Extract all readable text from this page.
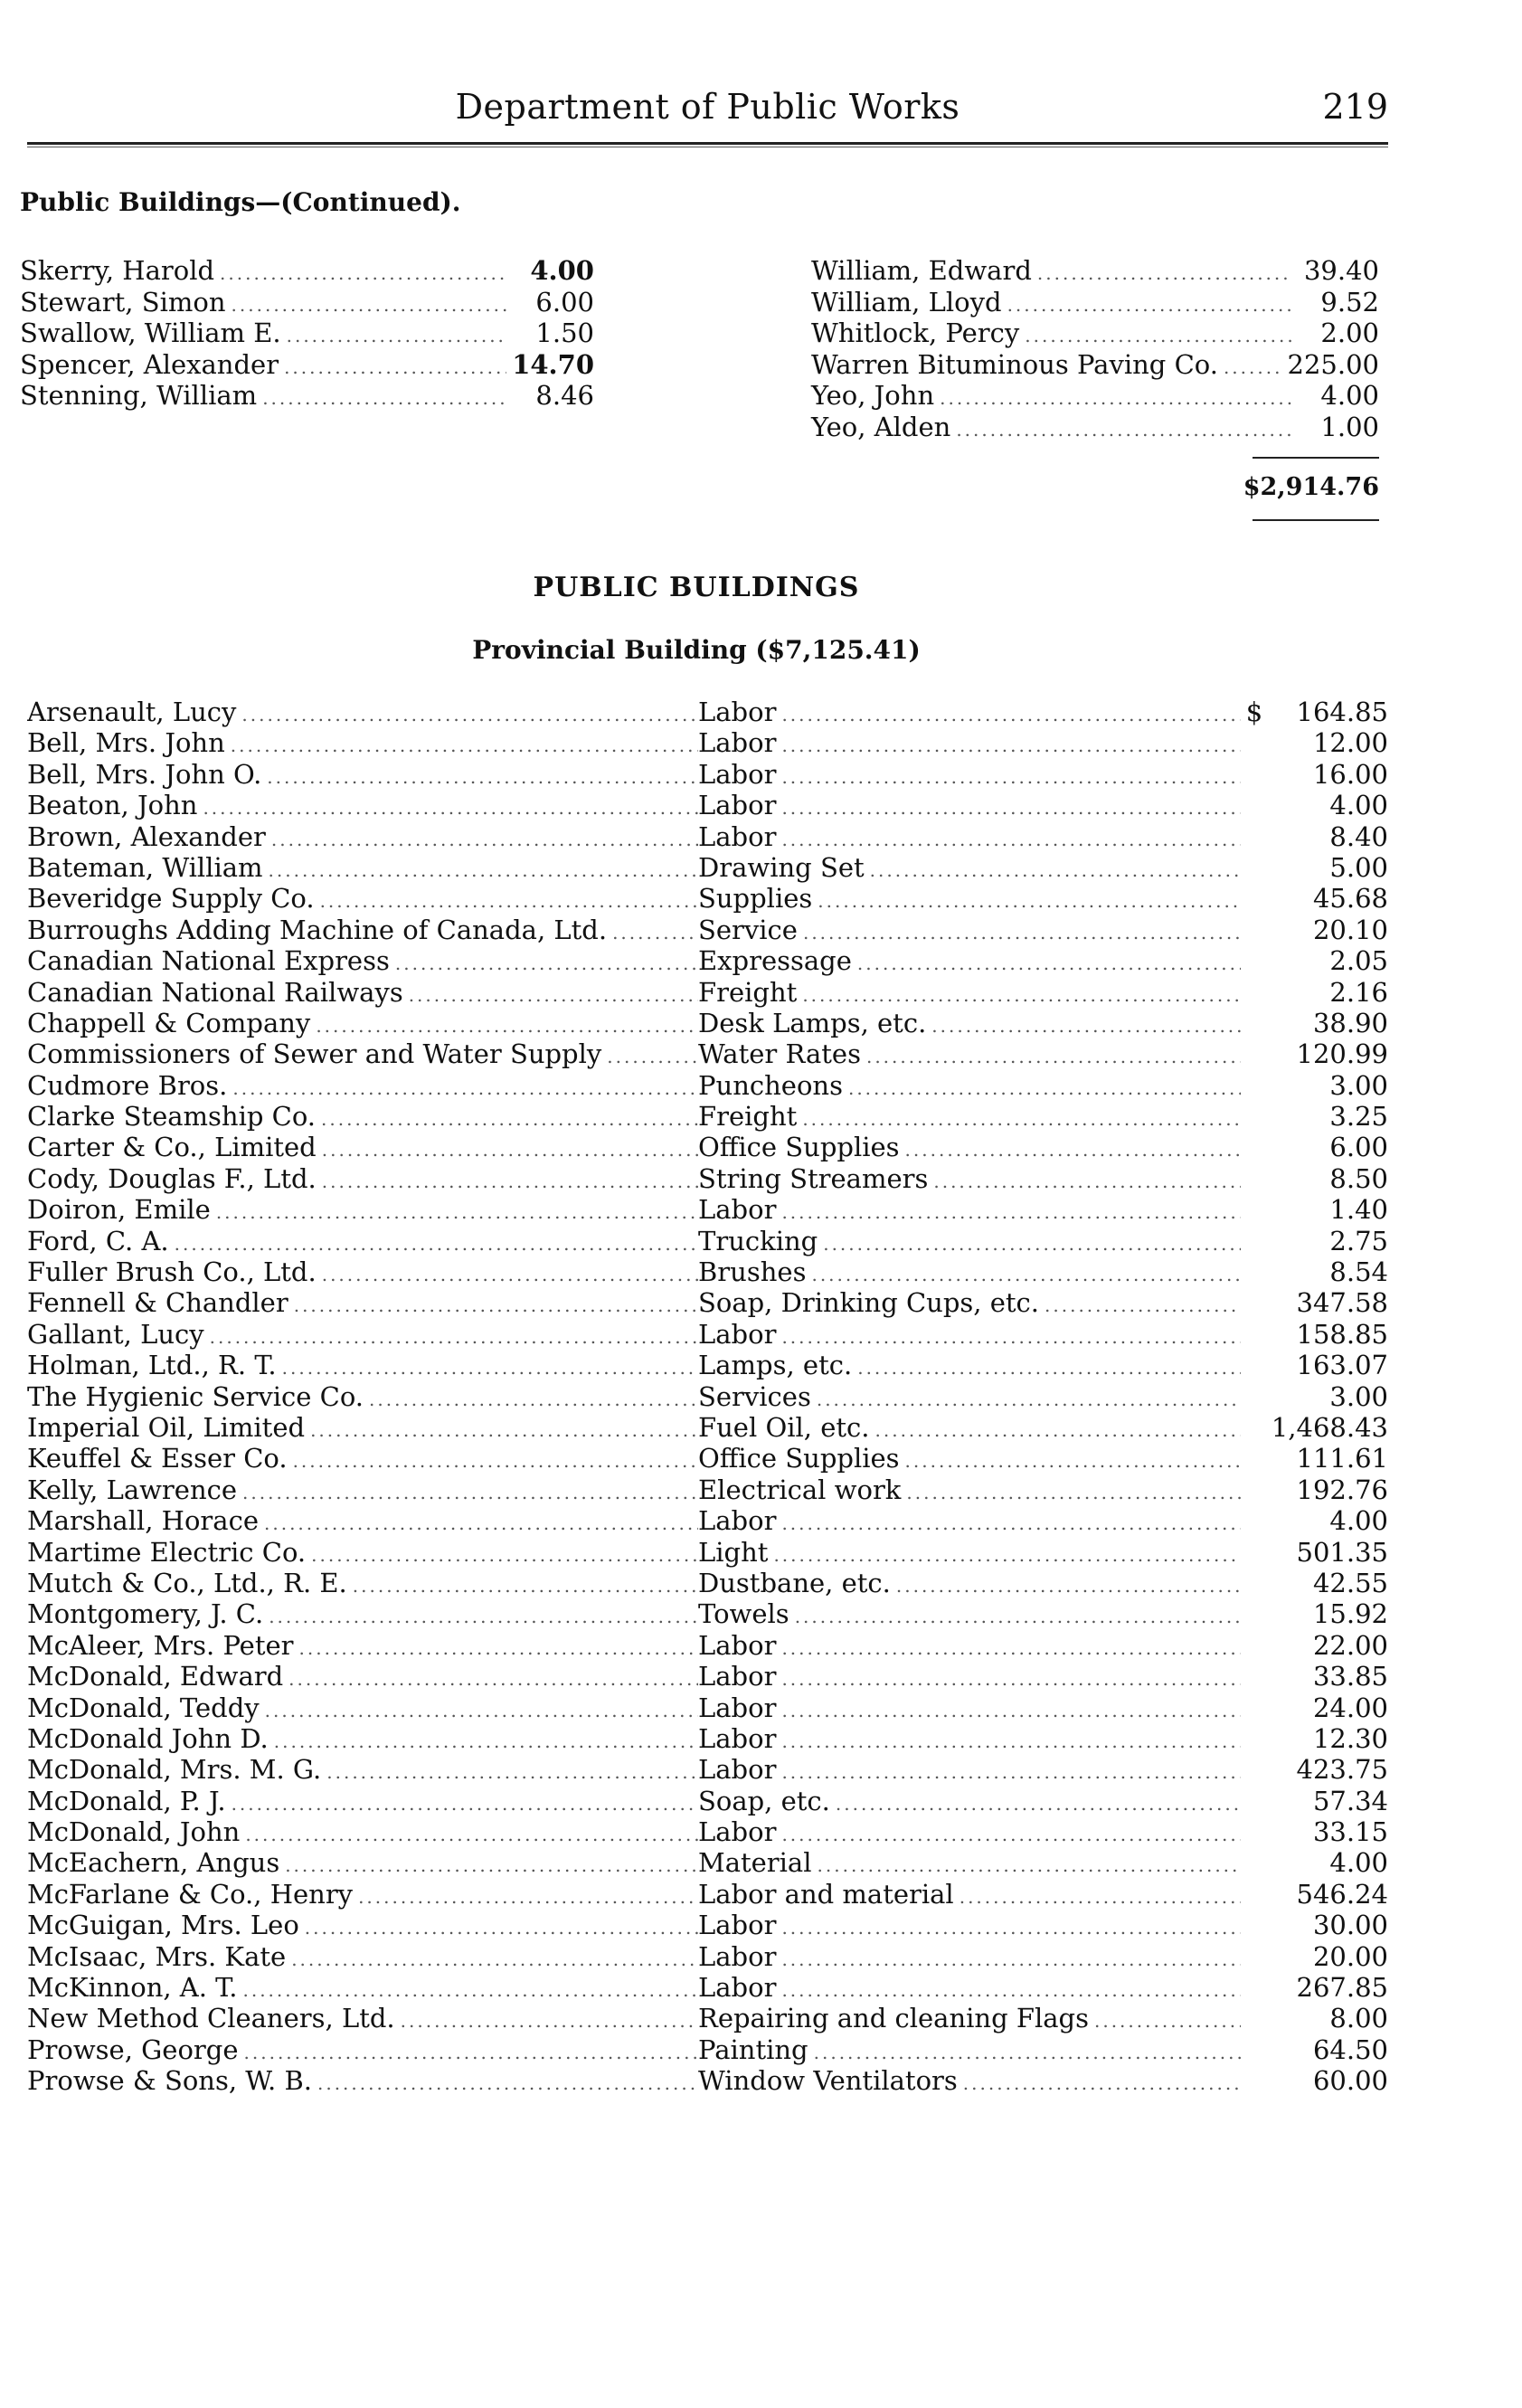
Department of Public Works	219
Public Buildings—(Continued).
Skerry, Harold .....	4.00
Stewart, Simon .....	6.00
Swallow, William E. .....	1.50
Spencer, Alexander .....	14.70
Stenning, William .....	8.46
William, Edward .....	39.40
William, Lloyd .....	9.52
Whitlock, Percy .....	2.00
Warren Bituminous Paving Co. .....	225.00
Yeo, John .....	4.00
Yeo, Alden .....	1.00
$2,914.76
PUBLIC BUILDINGS
Provincial Building ($7,125.41)
Arsenault, Lucy .....	Labor .....	$	164.85
Bell, Mrs. John .....	Labor .....	12.00
Bell, Mrs. John O. .....	Labor .....	16.00
Beaton, John .....	Labor .....	4.00
Brown, Alexander .....	Labor .....	8.40
Bateman, William .....	Drawing Set .....	5.00
Beveridge Supply Co. .....	Supplies .....	45.68
Burroughs Adding Machine of Canada, Ltd. .....	Service .....	20.10
Canadian National Express .....	Expressage .....	2.05
Canadian National Railways .....	Freight .....	2.16
Chappell & Company .....	Desk Lamps, etc. .....	38.90
Commissioners of Sewer and Water Supply .....	Water Rates .....	120.99
Cudmore Bros. .....	Puncheons .....	3.00
Clarke Steamship Co. .....	Freight .....	3.25
Carter & Co., Limited .....	Office Supplies .....	6.00
Cody, Douglas F., Ltd. .....	String Streamers .....	8.50
Doiron, Emile .....	Labor .....	1.40
Ford, C. A. .....	Trucking .....	2.75
Fuller Brush Co., Ltd. .....	Brushes .....	8.54
Fennell & Chandler .....	Soap, Drinking Cups, etc. .....	347.58
Gallant, Lucy .....	Labor .....	158.85
Holman, Ltd., R. T. .....	Lamps, etc. .....	163.07
The Hygienic Service Co. .....	Services .....	3.00
Imperial Oil, Limited .....	Fuel Oil, etc. .....	1,468.43
Keuffel & Esser Co. .....	Office Supplies .....	111.61
Kelly, Lawrence .....	Electrical work .....	192.76
Marshall, Horace .....	Labor .....	4.00
Martime Electric Co. .....	Light .....	501.35
Mutch & Co., Ltd., R. E. .....	Dustbane, etc. .....	42.55
Montgomery, J. C. .....	Towels .....	15.92
McAleer, Mrs. Peter .....	Labor .....	22.00
McDonald, Edward .....	Labor .....	33.85
McDonald, Teddy .....	Labor .....	24.00
McDonald John D. .....	Labor .....	12.30
McDonald, Mrs. M. G. .....	Labor .....	423.75
McDonald, P. J. .....	Soap, etc. .....	57.34
McDonald, John .....	Labor .....	33.15
McEachern, Angus .....	Material .....	4.00
McFarlane & Co., Henry .....	Labor and material .....	546.24
McGuigan, Mrs. Leo .....	Labor .....	30.00
McIsaac, Mrs. Kate .....	Labor .....	20.00
McKinnon, A. T. .....	Labor .....	267.85
New Method Cleaners, Ltd. .....	Repairing and cleaning Flags .....	8.00
Prowse, George .....	Painting .....	64.50
Prowse & Sons, W. B. .....	Window Ventilators .....	60.00
